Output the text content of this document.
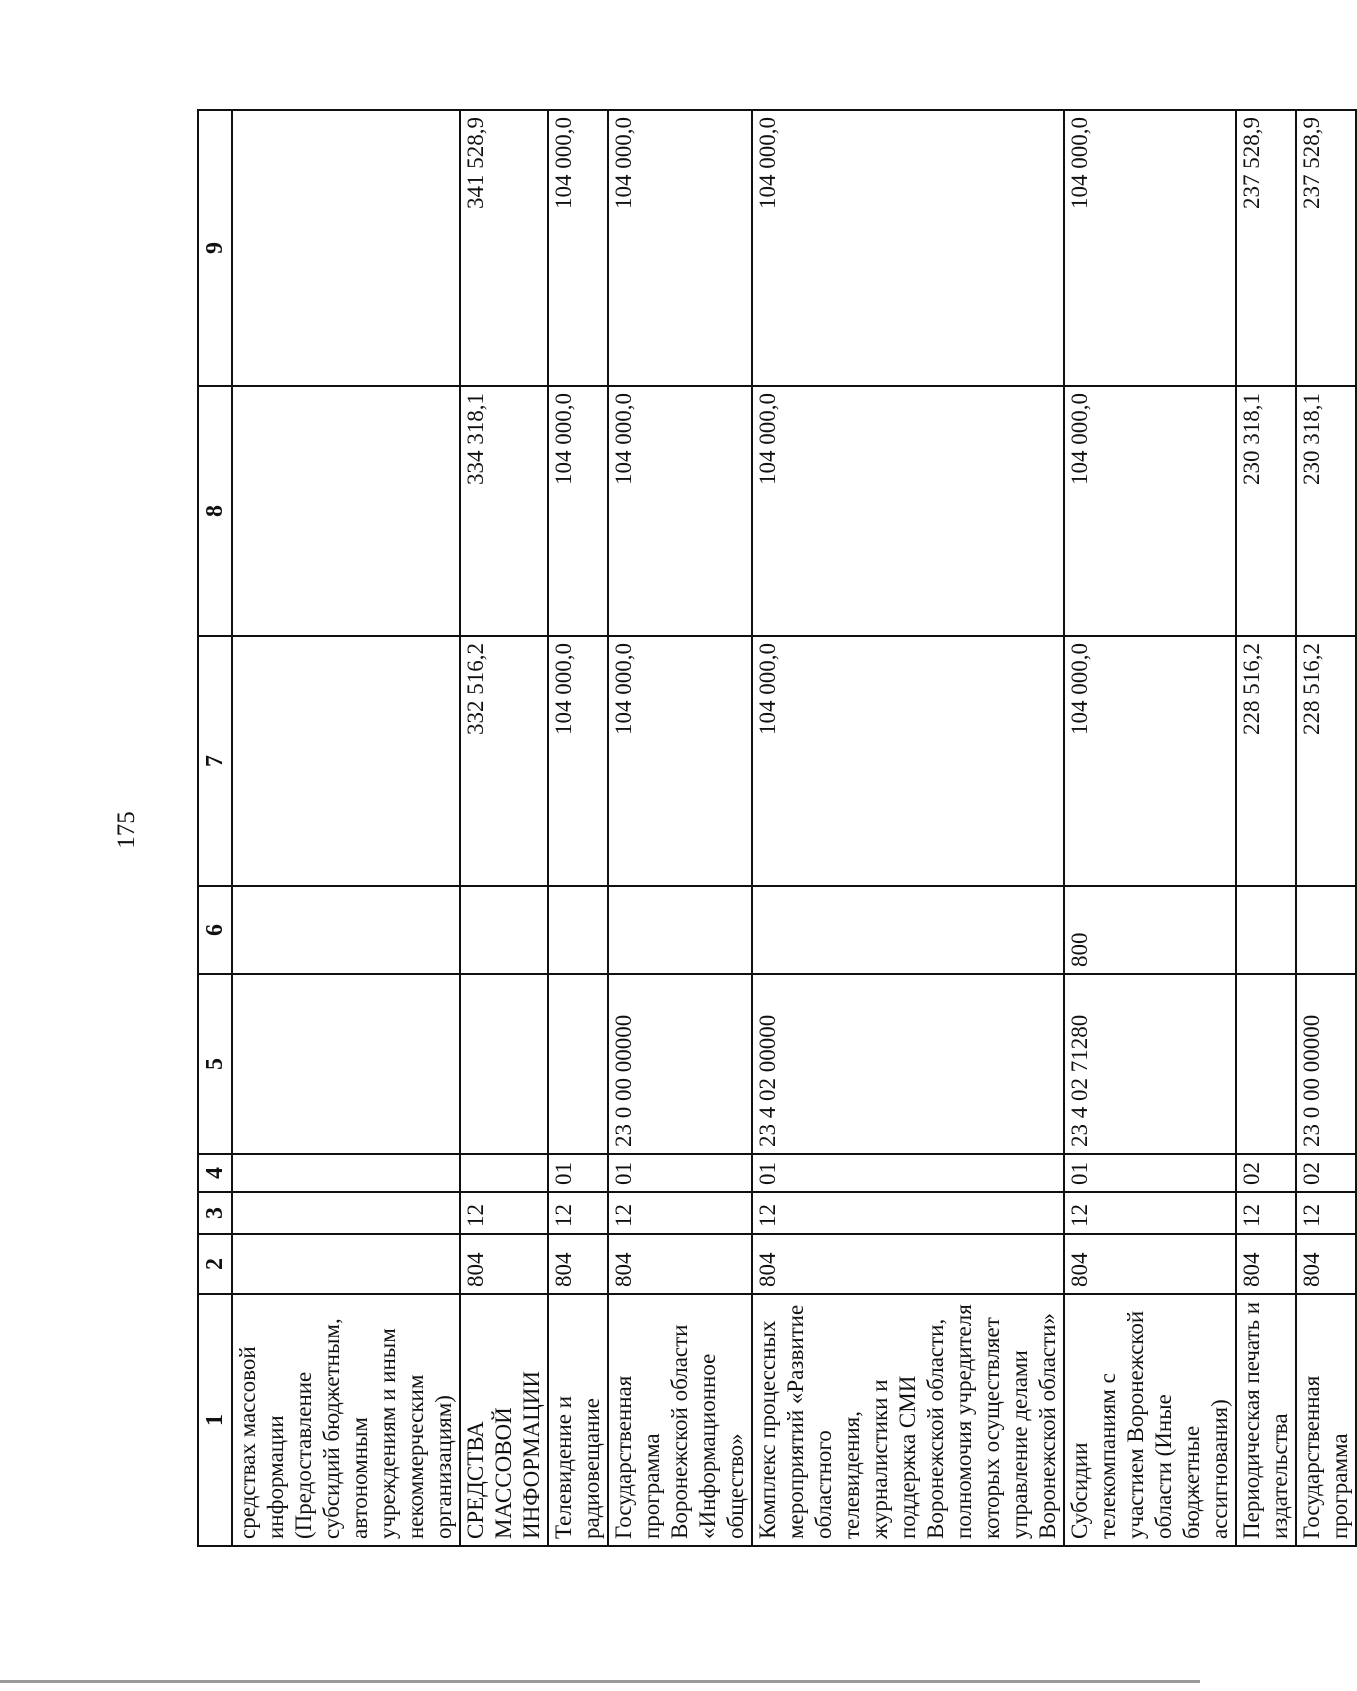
175
1	2	3	4	5	6	7	8	9
средствах массовой информации (Предоставление субсидий бюджетным, автономным учреждениям и иным некоммерческим организациям)								
СРЕДСТВА МАССОВОЙ ИНФОРМАЦИИ	804	12				332 516,2	334 318,1	341 528,9
Телевидение и радиовещание	804	12	01			104 000,0	104 000,0	104 000,0
Государственная программа Воронежской области «Информационное общество»	804	12	01	23 0 00 00000		104 000,0	104 000,0	104 000,0
Комплекс процессных мероприятий «Развитие областного телевидения, журналистики и поддержка СМИ Воронежской области, полномочия учредителя которых осуществляет управление делами Воронежской области»	804	12	01	23 4 02 00000		104 000,0	104 000,0	104 000,0
Субсидии телекомпаниям с участием Воронежской области (Иные бюджетные ассигнования)	804	12	01	23 4 02 71280	800	104 000,0	104 000,0	104 000,0
Периодическая печать и издательства	804	12	02			228 516,2	230 318,1	237 528,9
Государственная программа	804	12	02	23 0 00 00000		228 516,2	230 318,1	237 528,9
